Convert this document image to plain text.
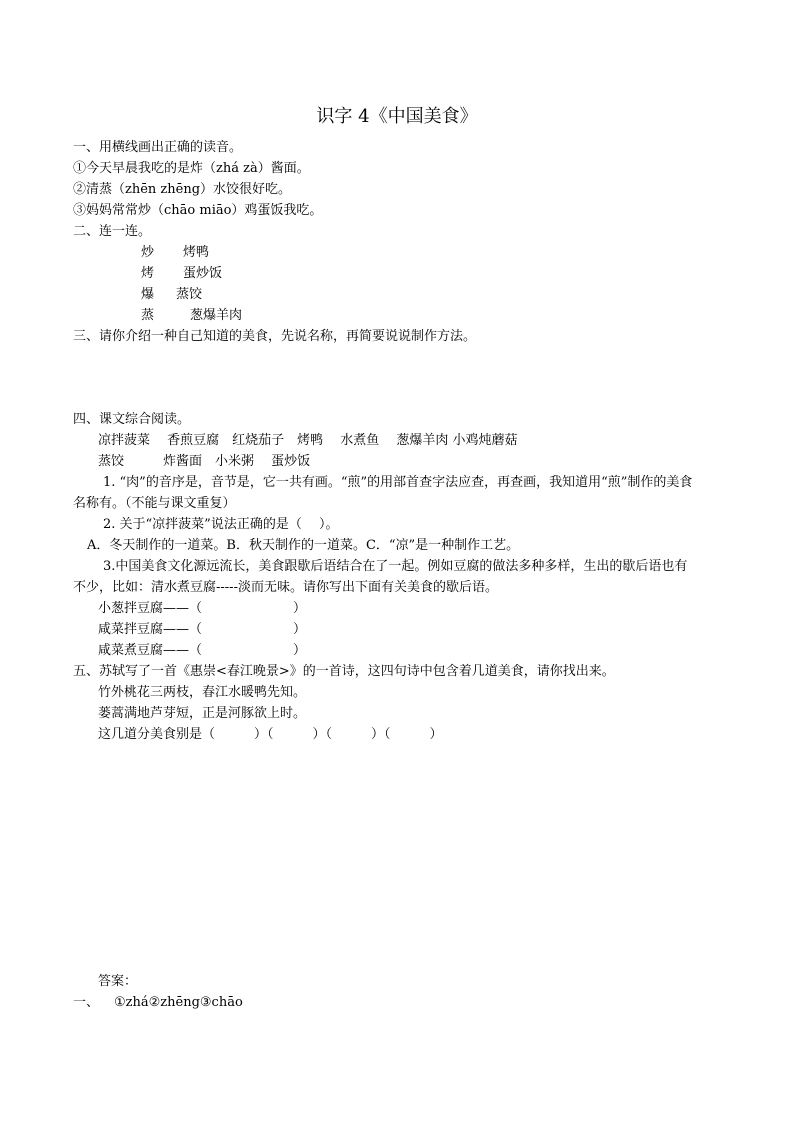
识字 4《中国美食》
一、用横线画出正确的读音。
①今天早晨我吃的是炸（zhá zà）酱面。
②清蒸（zhēn zhēng）水饺很好吃。
③妈妈常常炒（chāo miāo）鸡蛋饭我吃。
二、连一连。
炒 烤鸭
烤 蛋炒饭
爆 蒸饺
蒸	葱爆羊肉
三、请你介绍一种自己知道的美食，先说名称，再简要说说制作方法。
四、课文综合阅读。
凉拌菠菜　 香煎豆腐　红烧茄子　烤鸭　 水煮鱼　 葱爆羊肉 小鸡炖蘑菇
蒸饺　　　炸酱面　小米粥　 蛋炒饭
1. “肉”的音序是，音节是，它一共有画。“煎”的用部首查字法应查，再查画，我知道用“煎”制作的美食
名称有。（不能与课文重复）
2. 关于“凉拌菠菜”说法正确的是（　 ）。
A．冬天制作的一道菜。B．秋天制作的一道菜。C．“凉”是一种制作工艺。
3.中国美食文化源远流长，美食跟歇后语结合在了一起。例如豆腐的做法多种多样，生出的歇后语也有
不少，比如：清水煮豆腐-----淡而无味。请你写出下面有关美食的歇后语。
小葱拌豆腐——（　　　　　　　）
咸菜拌豆腐——（　　　　　　　）
咸菜煮豆腐——（　　　　　　　）
五、苏轼写了一首《惠崇<春江晚景>》的一首诗，这四句诗中包含着几道美食，请你找出来。
竹外桃花三两枝，春江水暖鸭先知。
蒌蒿满地芦芽短，正是河豚欲上时。
这几道分美食别是（　　　）（　　　）（　　　）（　　　）
答案：
一、 ①zhá②zhēng③chāo
